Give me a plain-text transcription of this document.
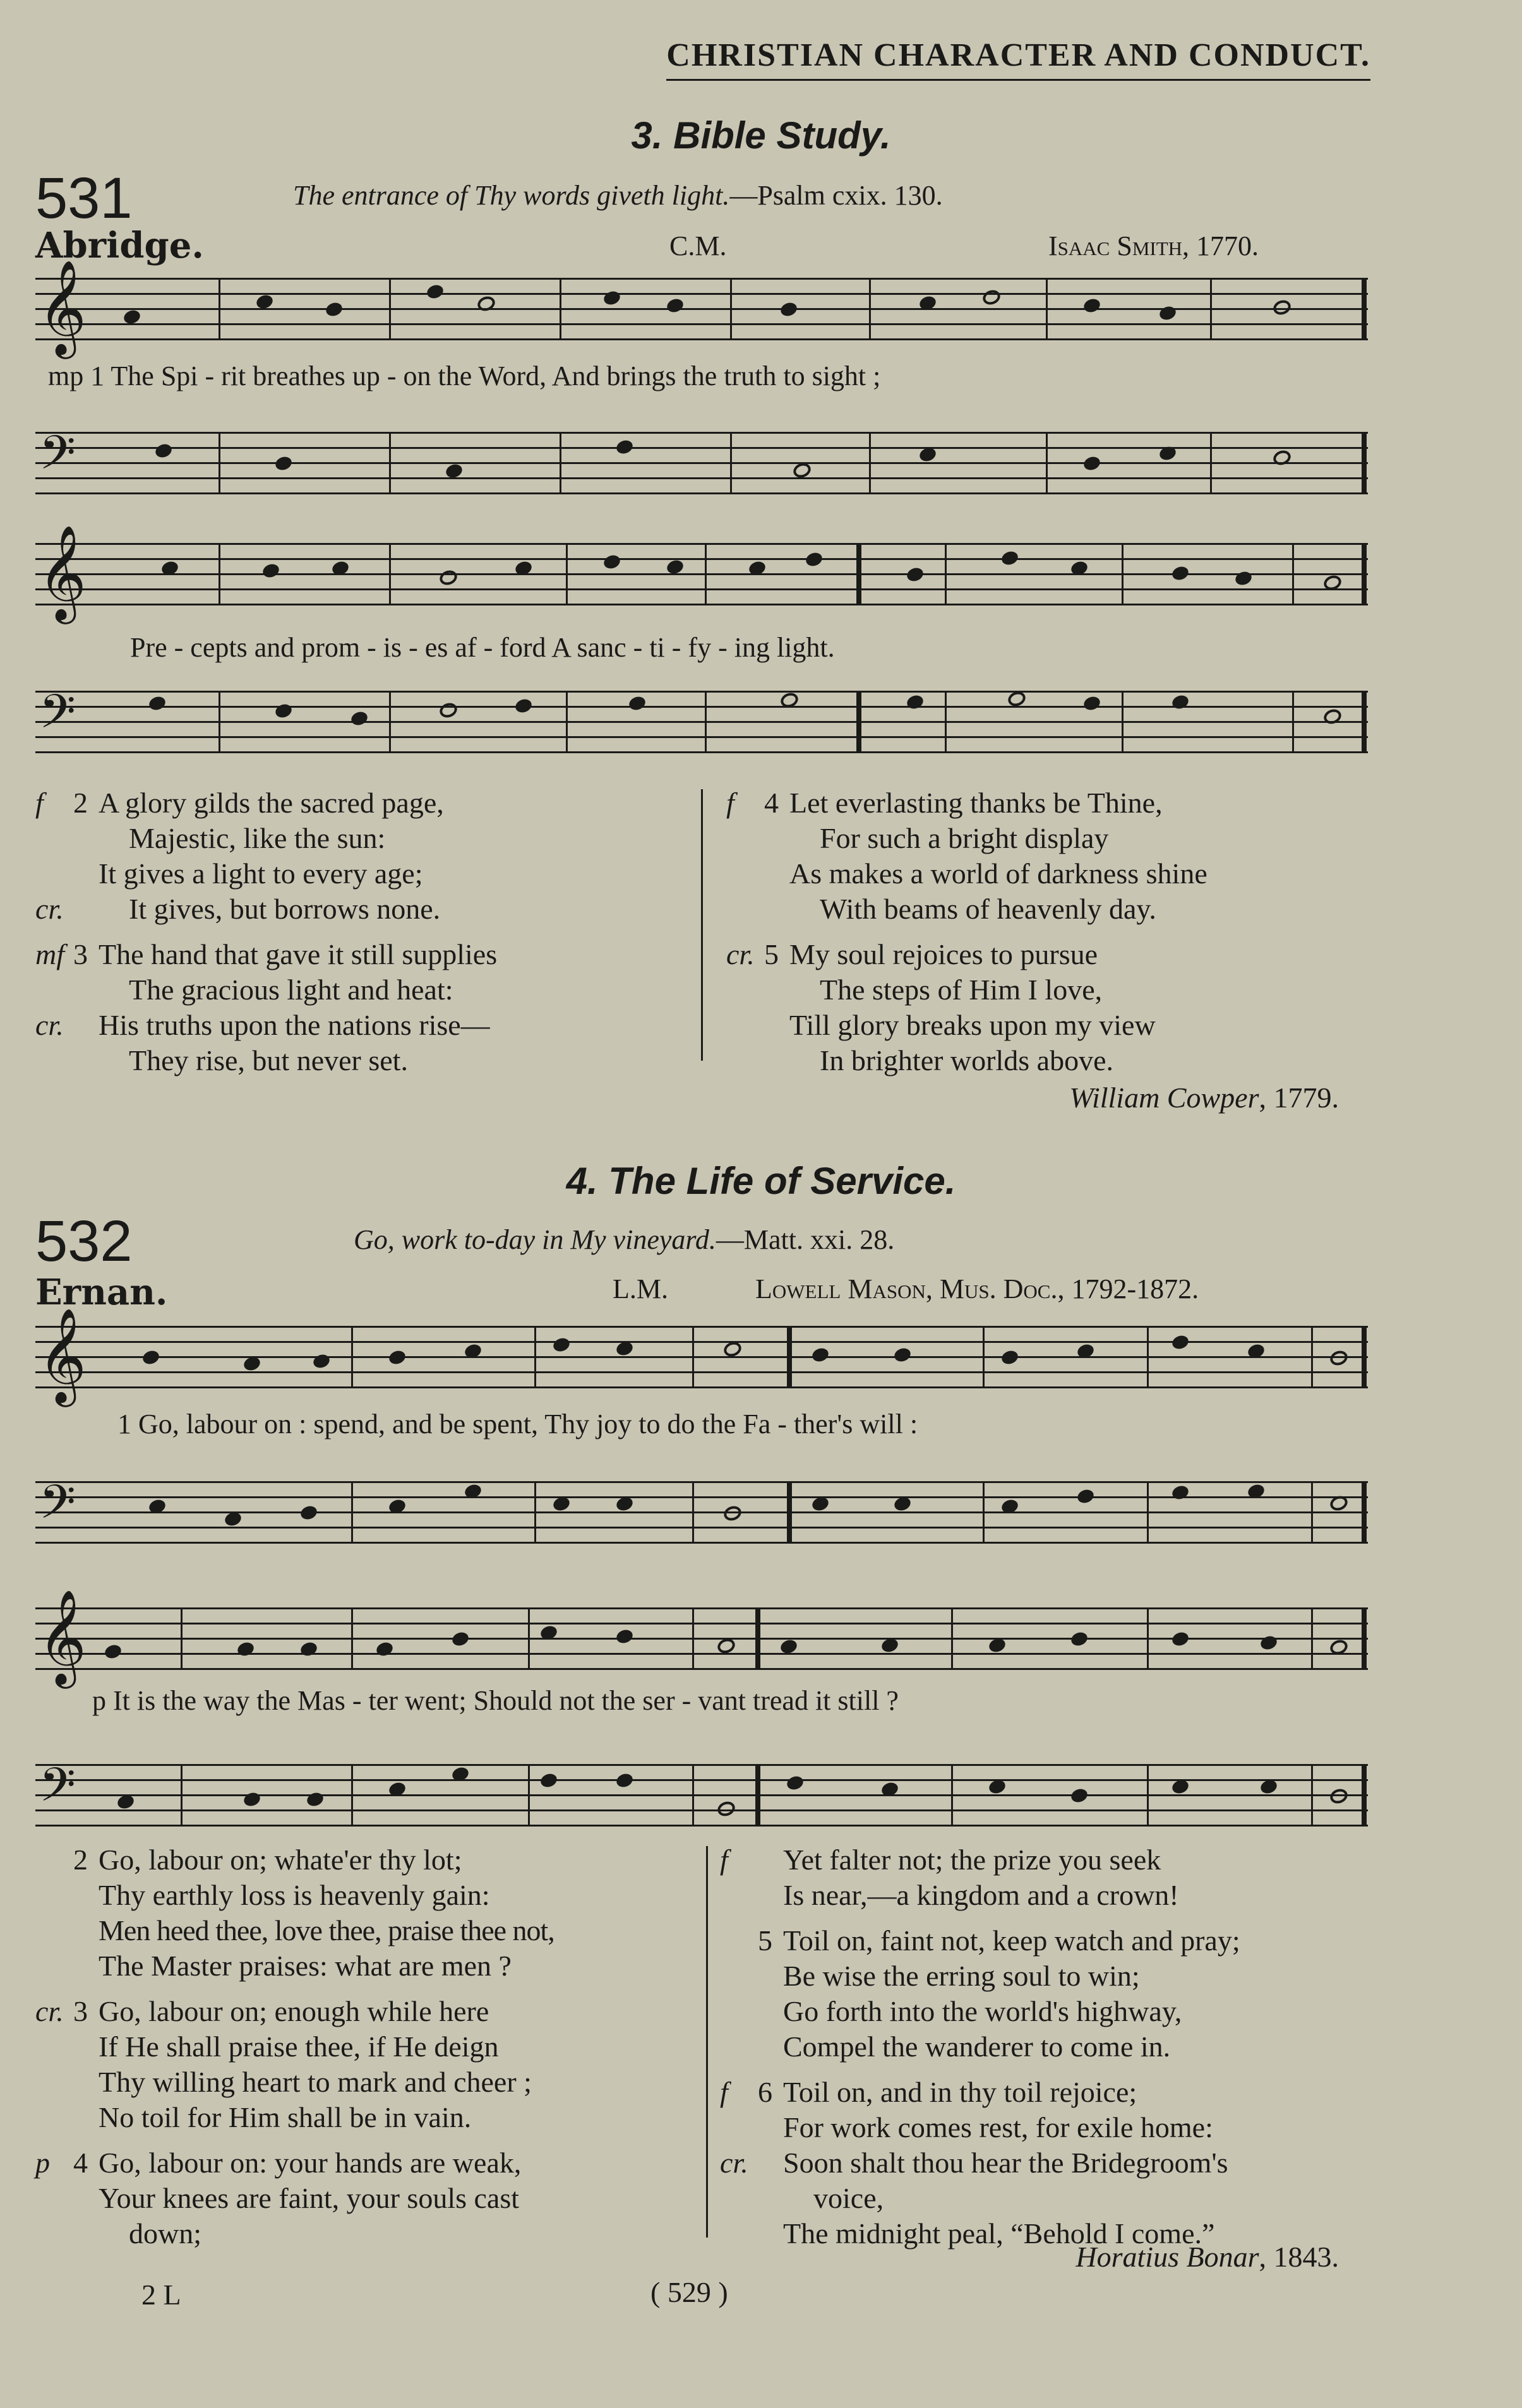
CHRISTIAN CHARACTER AND CONDUCT.
3. Bible Study.
531	The entrance of Thy words giveth light.—Psalm cxix. 130.
Abridge.	C.M.	Isaac Smith, 1770.
𝄞
mp 1 The Spi - rit breathes up - on the Word, And brings the truth to sight ;
𝄢
𝄞
Pre - cepts and prom - is - es af - ford A sanc - ti - fy - ing light.
𝄢
f 2 A glory gilds the sacred page,
Majestic, like the sun:
It gives a light to every age;
cr. It gives, but borrows none.
mf 3 The hand that gave it still supplies
The gracious light and heat:
cr. His truths upon the nations rise—
They rise, but never set.
f 4 Let everlasting thanks be Thine,
For such a bright display
As makes a world of darkness shine
With beams of heavenly day.
cr. 5 My soul rejoices to pursue
The steps of Him I love,
Till glory breaks upon my view
In brighter worlds above.
William Cowper, 1779.
4. The Life of Service.
532	Go, work to-day in My vineyard.—Matt. xxi. 28.
Ernan.	L.M.	Lowell Mason, Mus. Doc., 1792-1872.
𝄞
1 Go, labour on : spend, and be spent, Thy joy to do the Fa - ther's will :
𝄢
𝄞
p It is the way the Mas - ter went; Should not the ser - vant tread it still ?
𝄢
2 Go, labour on; whate'er thy lot;
Thy earthly loss is heavenly gain:
Men heed thee, love thee, praise thee not,
The Master praises: what are men ?
cr. 3 Go, labour on; enough while here
If He shall praise thee, if He deign
Thy willing heart to mark and cheer ;
No toil for Him shall be in vain.
p 4 Go, labour on: your hands are weak,
Your knees are faint, your souls cast
down;
f Yet falter not; the prize you seek
Is near,—a kingdom and a crown!
5 Toil on, faint not, keep watch and pray;
Be wise the erring soul to win;
Go forth into the world's highway,
Compel the wanderer to come in.
f 6 Toil on, and in thy toil rejoice;
For work comes rest, for exile home:
cr. Soon shalt thou hear the Bridegroom's
voice,
The midnight peal, “Behold I come.”
Horatius Bonar, 1843.
2 L	( 529 )
